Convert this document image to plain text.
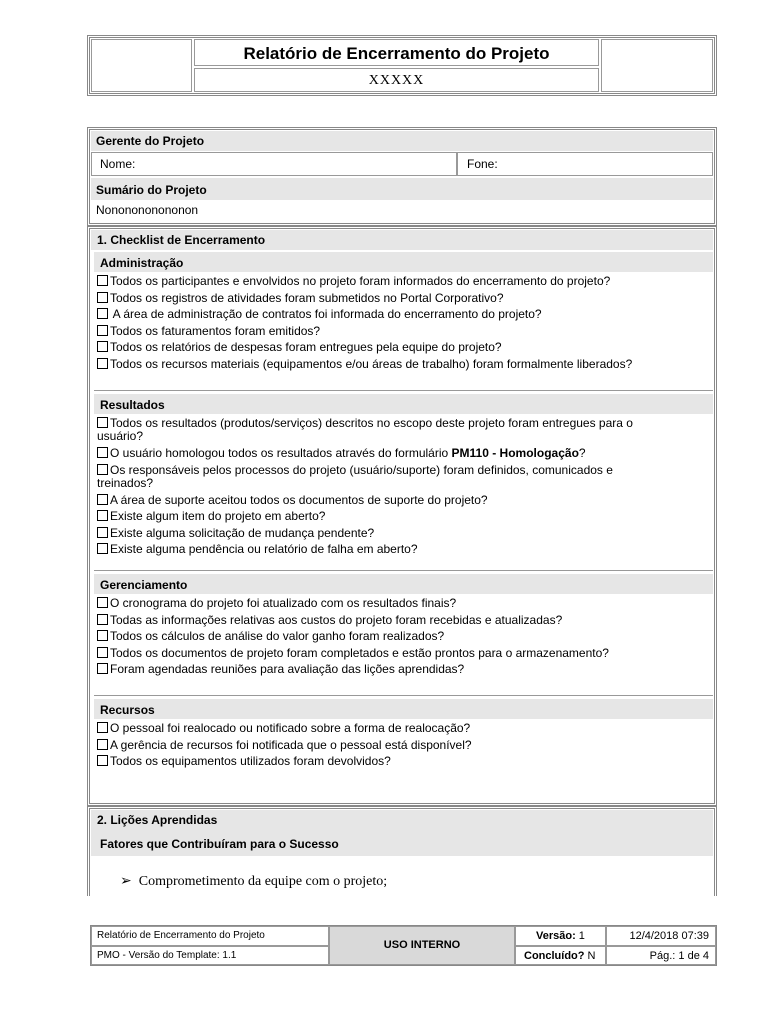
Relatório de Encerramento do Projeto
XXXXX
Gerente do Projeto
Nome:	Fone:
Sumário do Projeto
Nononononononon
1. Checklist de Encerramento
Administração
Todos os participantes e envolvidos no projeto foram informados do encerramento do projeto?
Todos os registros de atividades foram submetidos no Portal Corporativo?
A área de administração de contratos foi informada do encerramento do projeto?
Todos os faturamentos foram emitidos?
Todos os relatórios de despesas foram entregues pela equipe do projeto?
Todos os recursos materiais (equipamentos e/ou áreas de trabalho) foram formalmente liberados?
Resultados
Todos os resultados (produtos/serviços) descritos no escopo deste projeto foram entregues para o
usuário?
O usuário homologou todos os resultados através do formulário PM110 - Homologação?
Os responsáveis pelos processos do projeto (usuário/suporte) foram definidos, comunicados e
treinados?
A área de suporte aceitou todos os documentos de suporte do projeto?
Existe algum item do projeto em aberto?
Existe alguma solicitação de mudança pendente?
Existe alguma pendência ou relatório de falha em aberto?
Gerenciamento
O cronograma do projeto foi atualizado com os resultados finais?
Todas as informações relativas aos custos do projeto foram recebidas e atualizadas?
Todos os cálculos de análise do valor ganho foram realizados?
Todos os documentos de projeto foram completados e estão prontos para o armazenamento?
Foram agendadas reuniões para avaliação das lições aprendidas?
Recursos
O pessoal foi realocado ou notificado sobre a forma de realocação?
A gerência de recursos foi notificada que o pessoal está disponível?
Todos os equipamentos utilizados foram devolvidos?
2. Lições Aprendidas
Fatores que Contribuíram para o Sucesso
➢ Comprometimento da equipe com o projeto;
Relatório de Encerramento do Projeto
PMO - Versão do Template: 1.1
USO INTERNO
Versão: 1
Concluído? N
12/4/2018 07:39
Pág.: 1 de 4
